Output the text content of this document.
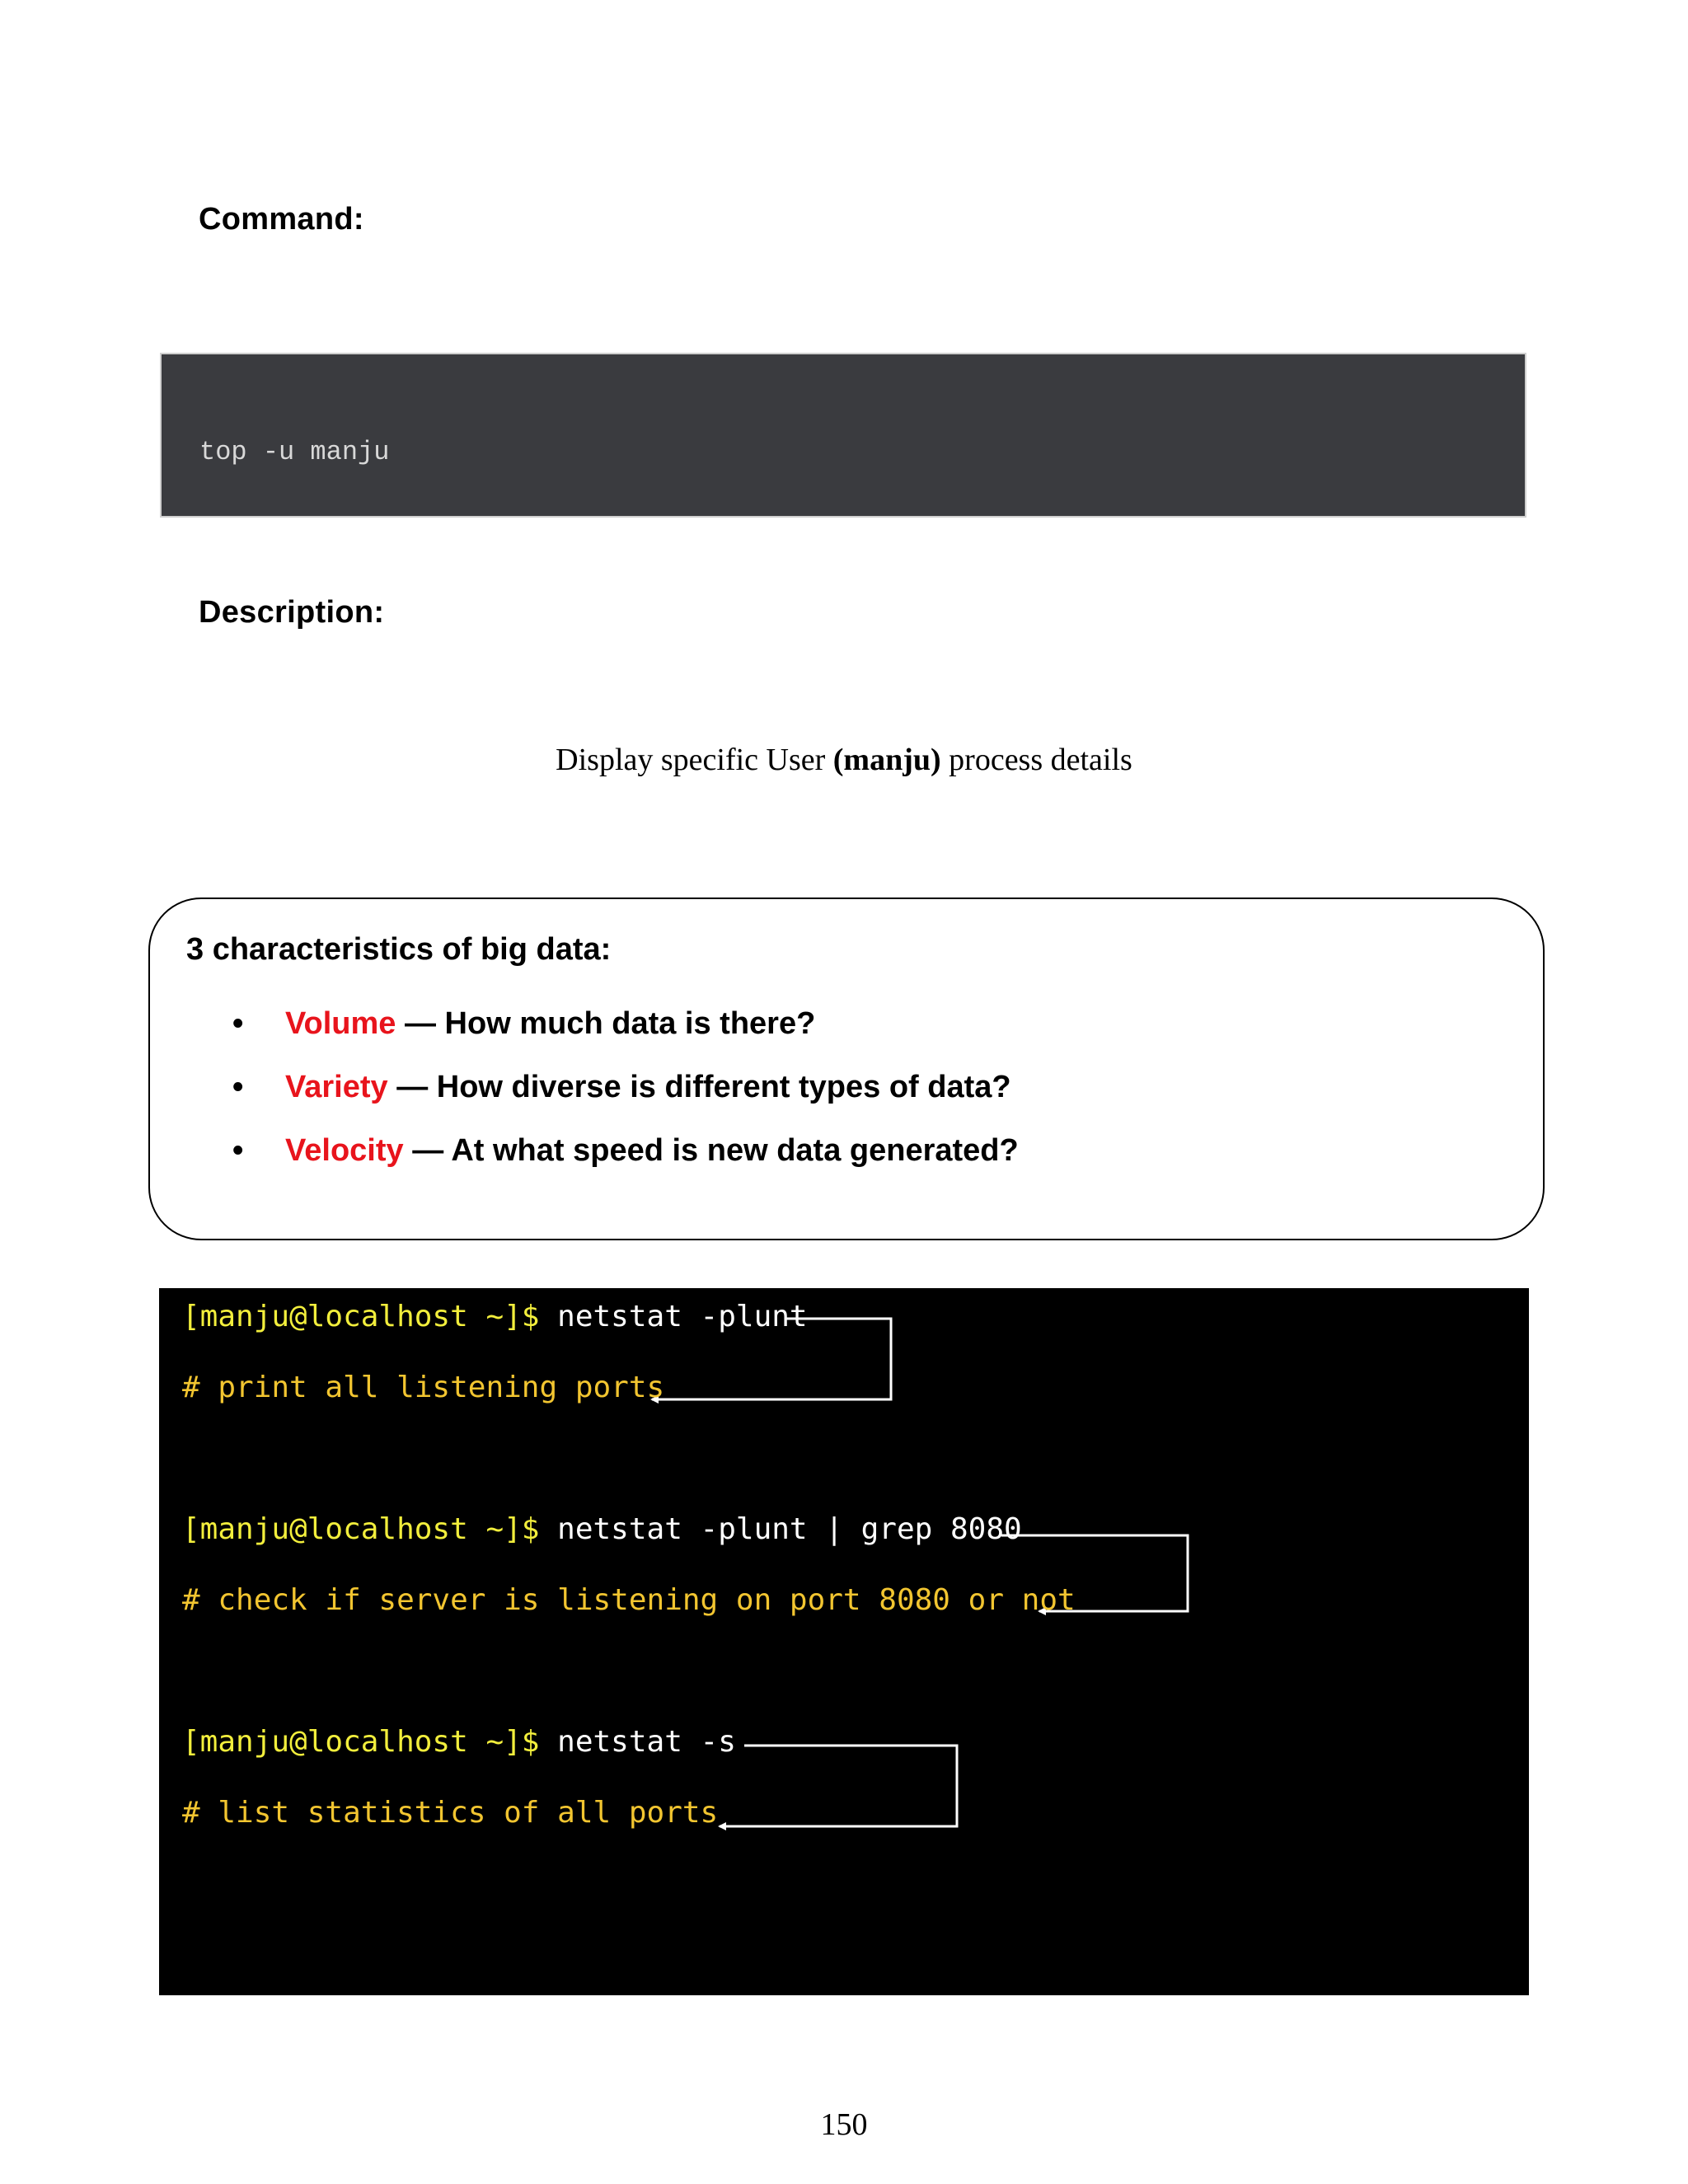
Command:
top -u manju
Description:
Display specific User (manju) process details
3 characteristics of big data:
• Volume — How much data is there?
• Variety — How diverse is different types of data?
• Velocity — At what speed is new data generated?
[manju@localhost ~]$ netstat -plunt
# print all listening ports
[manju@localhost ~]$ netstat -plunt | grep 8080
# check if server is listening on port 8080 or not
[manju@localhost ~]$ netstat -s
# list statistics of all ports
150
